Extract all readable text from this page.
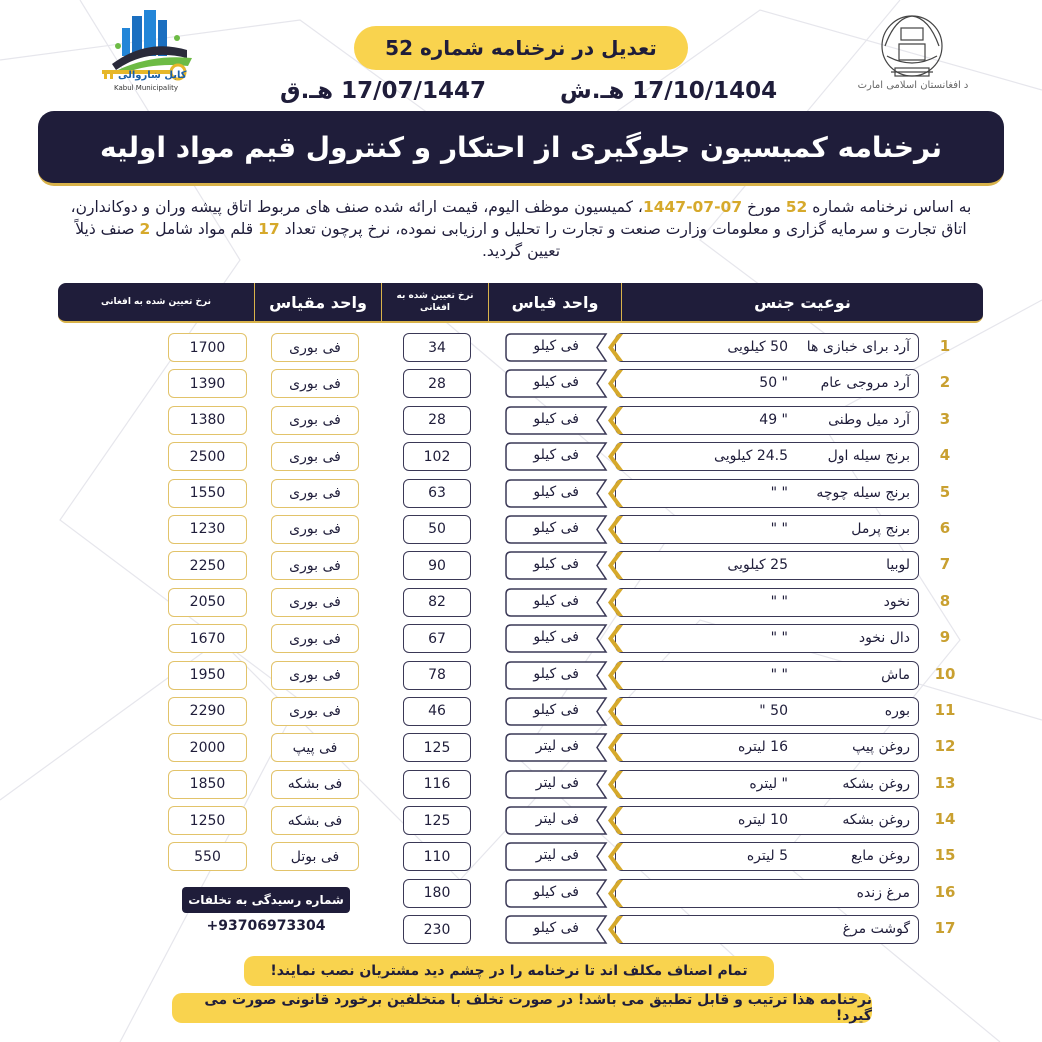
کابل ښاروالی
Kabul Municipality	د افغانستان اسلامی امارت
تعدیل در نرخنامه شماره 52
17/10/1404 هـ.ش
17/07/1447 هـ.ق
نرخنامه کمیسیون جلوگیری از احتکار و کنترول قیم مواد اولیه
به اساس نرخنامه شماره 52 مورخ 07-07-1447، کمیسیون موظف الیوم، قیمت ارائه شده صنف های مربوط اتاق پیشه وران و دوکاندارن، اتاق تجارت و سرمایه گزاری و معلومات وزارت صنعت و تجارت را تحلیل و ارزیابی نموده، نرخ پرچون تعداد 17 قلم مواد شامل 2 صنف ذیلاً تعیین گردید.
نوعیت جنس
واحد قیاس
نرخ تعیین شده به افغانی
واحد مقیاس
نرخ تعیین شده به افغانی
1
آرد برای خبازی ها
50 کیلویی
فی کیلو
34
فی بوری
1700
2
آرد مروجی عام
" 50
فی کیلو
28
فی بوری
1390
3
آرد میل وطنی
" 49
فی کیلو
28
فی بوری
1380
4
برنج سیله اول
24.5 کیلویی
فی کیلو
102
فی بوری
2500
5
برنج سیله چوچه
" "
فی کیلو
63
فی بوری
1550
6
برنج پرمل
" "
فی کیلو
50
فی بوری
1230
7
لوبیا
25 کیلویی
فی کیلو
90
فی بوری
2250
8
نخود
" "
فی کیلو
82
فی بوری
2050
9
دال نخود
" "
فی کیلو
67
فی بوری
1670
10
ماش
" "
فی کیلو
78
فی بوری
1950
11
بوره
50 "
فی کیلو
46
فی بوری
2290
12
روغن پیپ
16 لیتره
فی لیتر
125
فی پیپ
2000
13
روغن بشکه
" لیتره
فی لیتر
116
فی بشکه
1850
14
روغن بشکه
10 لیتره
فی لیتر
125
فی بشکه
1250
15
روغن مایع
5 لیتره
فی لیتر
110
فی بوتل
550
16
مرغ زنده
فی کیلو
180
17
گوشت مرغ
فی کیلو
230
شماره رسیدگی به تخلفات
+93706973304
تمام اصناف مکلف اند تا نرخنامه را در چشم دید مشتریان نصب نمایند!
نرخنامه هذا ترتیب و قابل تطبیق می باشد! در صورت تخلف با متخلفین برخورد قانونی صورت می گیرد!
